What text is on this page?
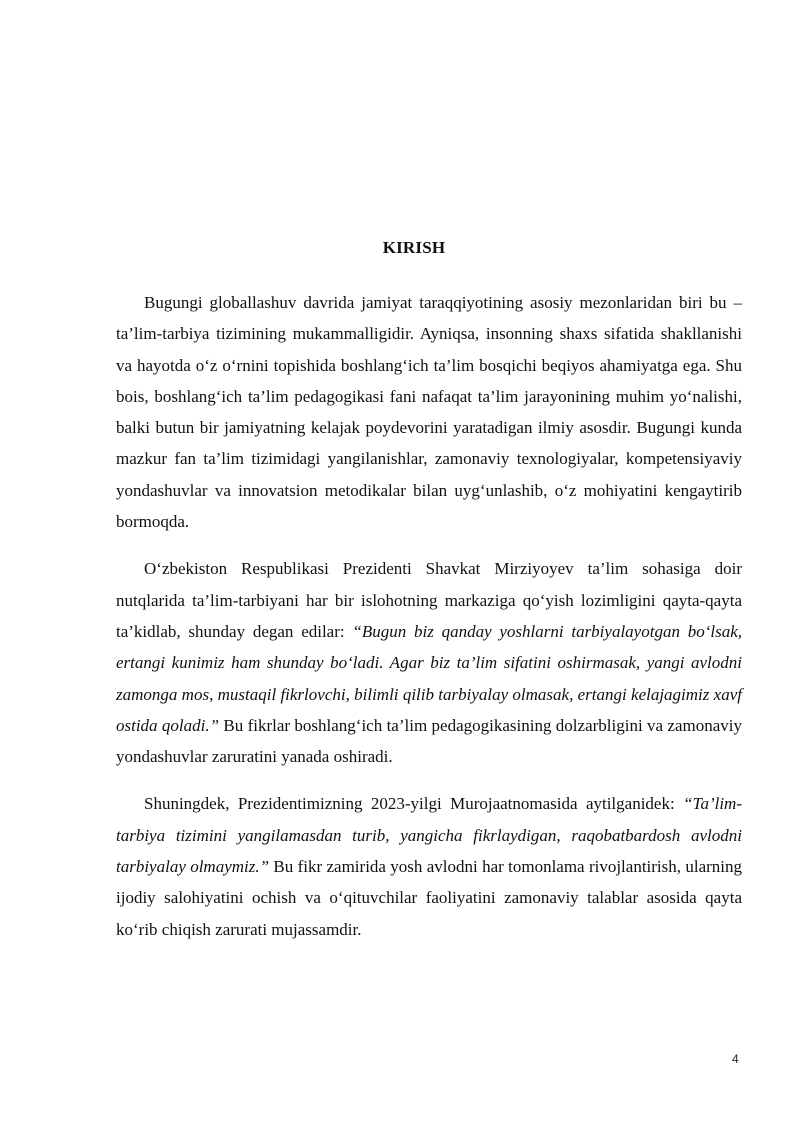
KIRISH

Bugungi globallashuv davrida jamiyat taraqqiyotining asosiy mezonlaridan biri bu – ta’lim-tarbiya tizimining mukammalligidir. Ayniqsa, insonning shaxs sifatida shakllanishi va hayotda o‘z o‘rnini topishida boshlang‘ich ta’lim bosqichi beqiyos ahamiyatga ega. Shu bois, boshlang‘ich ta’lim pedagogikasi fani nafaqat ta’lim jarayonining muhim yo‘nalishi, balki butun bir jamiyatning kelajak poydevorini yaratadigan ilmiy asosdir. Bugungi kunda mazkur fan ta’lim tizimidagi yangilanishlar, zamonaviy texnologiyalar, kompetensiyaviy yondashuvlar va innovatsion metodikalar bilan uyg‘unlashib, o‘z mohiyatini kengaytirib bormoqda.

O‘zbekiston Respublikasi Prezidenti Shavkat Mirziyoyev ta’lim sohasiga doir nutqlarida ta’lim-tarbiyani har bir islohotning markaziga qo‘yish lozimligini qayta-qayta ta’kidlab, shunday degan edilar: “Bugun biz qanday yoshlarni tarbiyalayotgan bo‘lsak, ertangi kunimiz ham shunday bo‘ladi. Agar biz ta’lim sifatini oshirmasak, yangi avlodni zamonga mos, mustaqil fikrlovchi, bilimli qilib tarbiyalay olmasak, ertangi kelajagimiz xavf ostida qoladi.” Bu fikrlar boshlang‘ich ta’lim pedagogikasining dolzarbligini va zamonaviy yondashuvlar zaruratini yanada oshiradi.

Shuningdek, Prezidentimizning 2023-yilgi Murojaatnomasida aytilganidek: “Ta’lim-tarbiya tizimini yangilamasdan turib, yangicha fikrlaydigan, raqobatbardosh avlodni tarbiyalay olmaymiz.” Bu fikr zamirida yosh avlodni har tomonlama rivojlantirish, ularning ijodiy salohiyatini ochish va o‘qituvchilar faoliyatini zamonaviy talablar asosida qayta ko‘rib chiqish zarurati mujassamdir.

4
